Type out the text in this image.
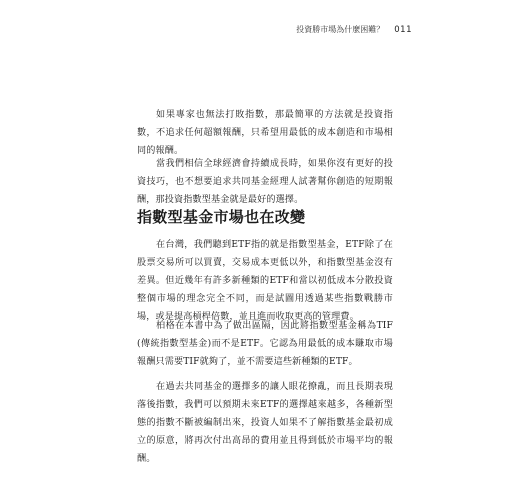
投資勝市場為什麼困難？ 011

如果專家也無法打敗指數，那最簡單的方法就是投資指數，不追求任何超額報酬，只希望用最低的成本創造和市場相同的報酬。

當我們相信全球經濟會持續成長時，如果你沒有更好的投資技巧，也不想要追求共同基金經理人試著幫你創造的短期報酬，那投資指數型基金就是最好的選擇。

指數型基金市場也在改變

在台灣，我們聽到ETF指的就是指數型基金，ETF除了在股票交易所可以買賣，交易成本更低以外，和指數型基金沒有差異。但近幾年有許多新種類的ETF和當以初低成本分散投資整個市場的理念完全不同，而是試圖用透過某些指數戰勝市場，或是提高槓桿倍數，並且進而收取更高的管理費。

柏格在本書中為了做出區隔，因此將指數型基金稱為TIF(傳統指數型基金)而不是ETF。它認為用最低的成本賺取市場報酬只需要TIF就夠了，並不需要這些新種類的ETF。

在過去共同基金的選擇多的讓人眼花撩亂，而且長期表現落後指數，我們可以預期未來ETF的選擇越來越多，各種新型態的指數不斷被編制出來，投資人如果不了解指數基金最初成立的原意，將再次付出高昂的費用並且得到低於市場平均的報酬。
